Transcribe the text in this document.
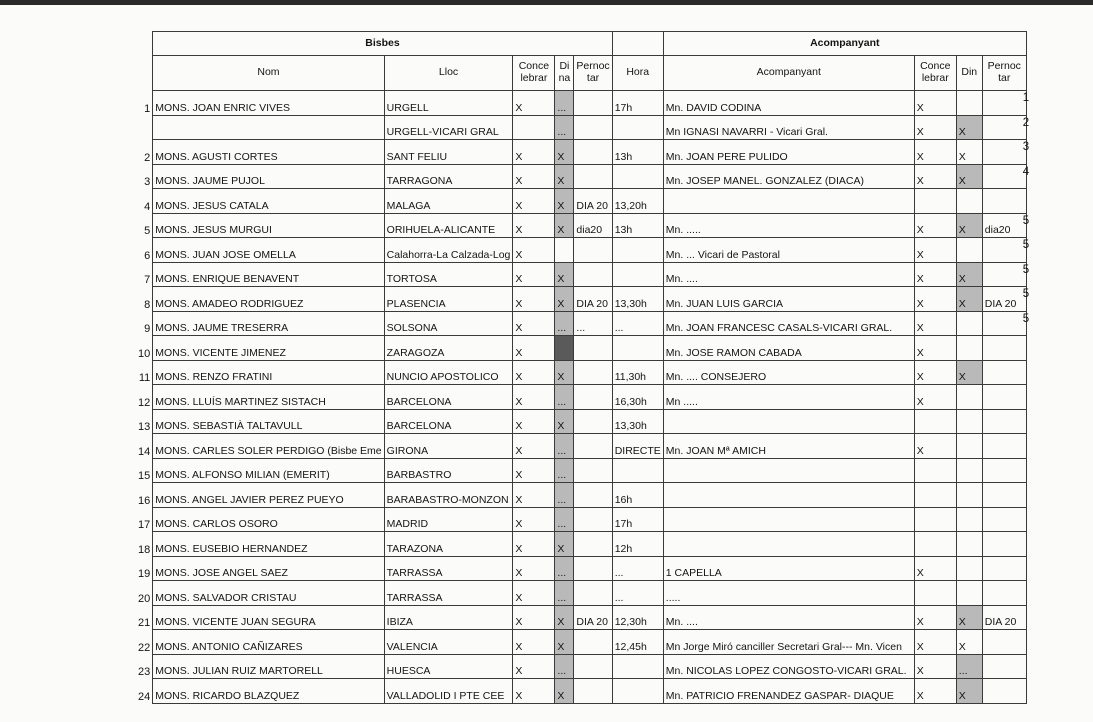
	Bisbes						Acompanyant			
	Nom	Lloc	Conce lebrar	Di na	Pernoc tar	Hora	Acompanyant	Conce lebrar	Din	Pernoc tar
1	MONS. JOAN ENRIC VIVES	URGELL	X	...		17h	Mn. DAVID CODINA	X		
		URGELL-VICARI GRAL		...			Mn IGNASI NAVARRI - Vicari Gral.	X	X	
2	MONS. AGUSTI CORTES	SANT FELIU	X	X		13h	Mn. JOAN PERE PULIDO	X	X	
3	MONS. JAUME PUJOL	TARRAGONA	X	X			Mn. JOSEP MANEL. GONZALEZ (DIACA)	X	X	
4	MONS. JESUS CATALA	MALAGA	X	X	DIA 20	13,20h				
5	MONS. JESUS MURGUI	ORIHUELA-ALICANTE	X	X	dia20	13h	Mn. .....	X	X	dia20
6	MONS. JUAN JOSE OMELLA	Calahorra-La Calzada-Log	X				Mn. ... Vicari de Pastoral	X		
7	MONS. ENRIQUE BENAVENT	TORTOSA	X	X			Mn. ....	X	X	
8	MONS. AMADEO RODRIGUEZ	PLASENCIA	X	X	DIA 20	13,30h	Mn. JUAN LUIS GARCIA	X	X	DIA 20
9	MONS. JAUME TRESERRA	SOLSONA	X	...	...	...	Mn. JOAN FRANCESC CASALS-VICARI GRAL.	X		
10	MONS. VICENTE JIMENEZ	ZARAGOZA	X				Mn. JOSE RAMON CABADA	X		
11	MONS. RENZO FRATINI	NUNCIO APOSTOLICO	X	X		11,30h	Mn. .... CONSEJERO	X	X	
12	MONS. LLUÍS MARTINEZ SISTACH	BARCELONA	X	...		16,30h	Mn .....	X		
13	MONS. SEBASTIÀ TALTAVULL	BARCELONA	X	X		13,30h				
14	MONS. CARLES SOLER PERDIGO (Bisbe Eme	GIRONA	X	...		DIRECTE	Mn. JOAN Mª AMICH	X		
15	MONS. ALFONSO MILIAN (EMERIT)	BARBASTRO	X	...						
16	MONS. ANGEL JAVIER PEREZ PUEYO	BARABASTRO-MONZON	X	...		16h				
17	MONS. CARLOS OSORO	MADRID	X	...		17h				
18	MONS. EUSEBIO HERNANDEZ	TARAZONA	X	X		12h				
19	MONS. JOSE ANGEL SAEZ	TARRASSA	X	...		...	1 CAPELLA	X		
20	MONS. SALVADOR CRISTAU	TARRASSA	X	...		...	.....			
21	MONS. VICENTE JUAN SEGURA	IBIZA	X	X	DIA 20	12,30h	Mn. ....	X	X	DIA 20
22	MONS. ANTONIO CAÑIZARES	VALENCIA	X	X		12,45h	Mn Jorge Miró canciller Secretari Gral--- Mn. Vicen	X	X	
23	MONS. JULIAN RUIZ MARTORELL	HUESCA	X	...			Mn. NICOLAS LOPEZ CONGOSTO-VICARI GRAL.	X	...	
24	MONS. RICARDO BLAZQUEZ	VALLADOLID I PTE CEE	X	X			Mn. PATRICIO FRENANDEZ GASPAR- DIAQUE	X	X	
1
2
3
4
5
5
5
5
5
